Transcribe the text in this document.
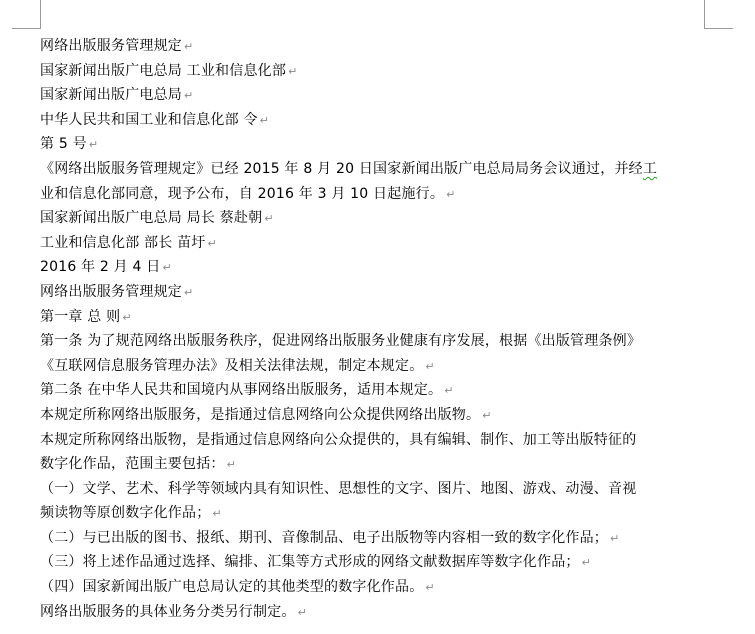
网络出版服务管理规定 ↵
国家新闻出版广电总局 工业和信息化部 ↵
国家新闻出版广电总局 ↵
中华人民共和国工业和信息化部 令 ↵
第 5 号 ↵
《网络出版服务管理规定》已经 2015 年 8 月 20 日国家新闻出版广电总局局务会议通过，并经工
业和信息化部同意，现予公布，自 2016 年 3 月 10 日起施行。 ↵
国家新闻出版广电总局 局长 蔡赴朝 ↵
工业和信息化部 部长 苗圩 ↵
2016 年 2 月 4 日 ↵
网络出版服务管理规定 ↵
第一章 总 则 ↵
第一条 为了规范网络出版服务秩序，促进网络出版服务业健康有序发展，根据《出版管理条例》
《互联网信息服务管理办法》及相关法律法规，制定本规定。 ↵
第二条 在中华人民共和国境内从事网络出版服务，适用本规定。 ↵
本规定所称网络出版服务，是指通过信息网络向公众提供网络出版物。 ↵
本规定所称网络出版物，是指通过信息网络向公众提供的，具有编辑、制作、加工等出版特征的
数字化作品，范围主要包括： ↵
（一）文学、艺术、科学等领域内具有知识性、思想性的文字、图片、地图、游戏、动漫、音视
频读物等原创数字化作品； ↵
（二）与已出版的图书、报纸、期刊、音像制品、电子出版物等内容相一致的数字化作品； ↵
（三）将上述作品通过选择、编排、汇集等方式形成的网络文献数据库等数字化作品； ↵
（四）国家新闻出版广电总局认定的其他类型的数字化作品。 ↵
网络出版服务的具体业务分类另行制定。 ↵
